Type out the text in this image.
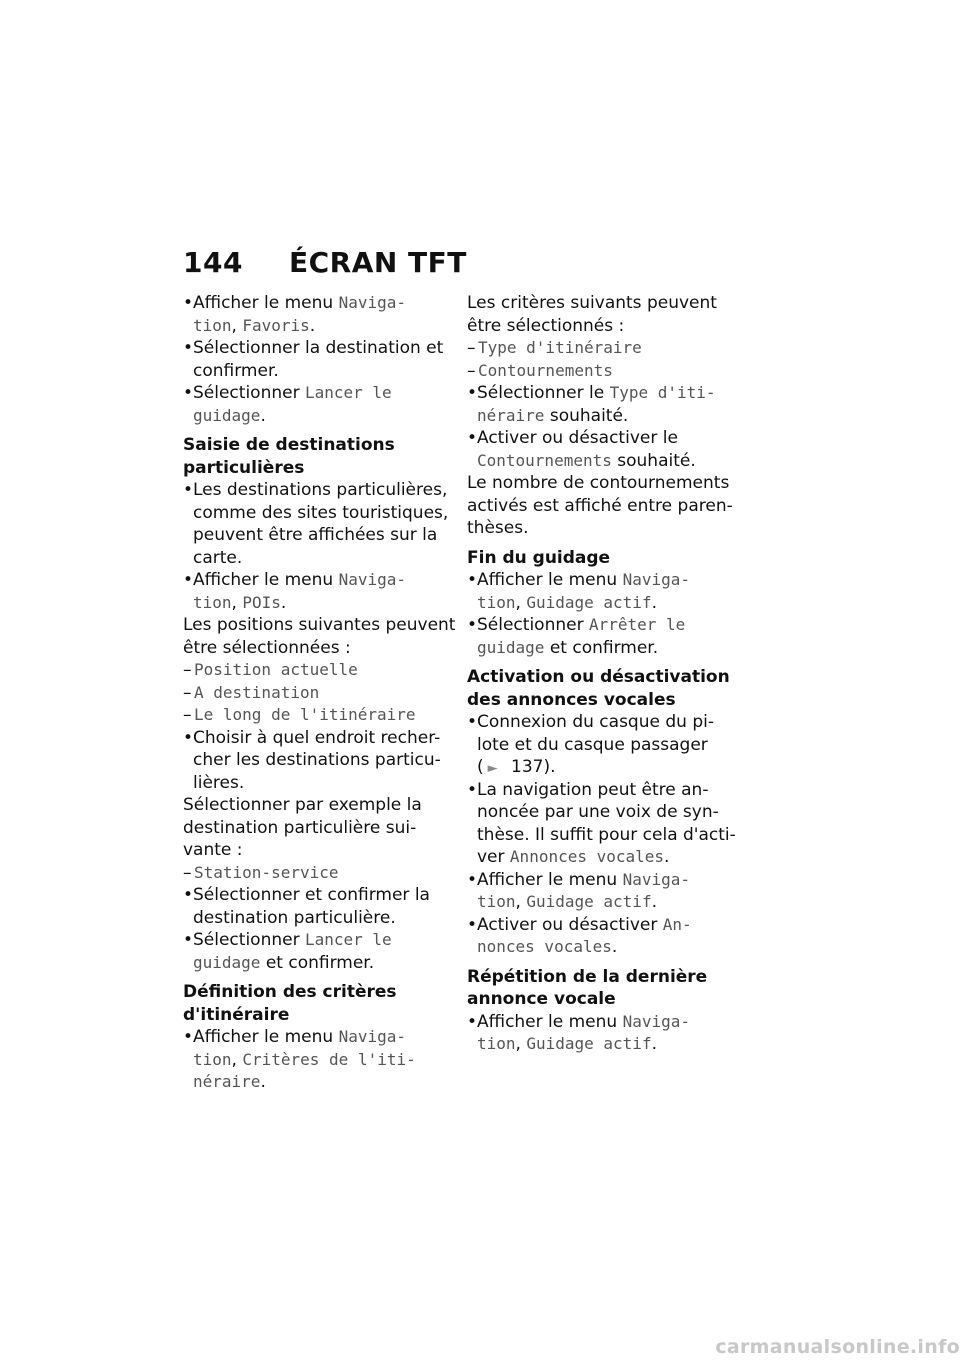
144 ÉCRAN TFT
• Afficher le menu Naviga-
tion, Favoris.
• Sélectionner la destination et
confirmer.
• Sélectionner Lancer le
guidage.
Saisie de destinations
particulières
• Les destinations particulières,
comme des sites touristiques,
peuvent être affichées sur la
carte.
• Afficher le menu Naviga-
tion, POIs.
Les positions suivantes peuvent
être sélectionnées :
– Position actuelle
– A destination
– Le long de l'itinéraire
• Choisir à quel endroit recher-
cher les destinations particu-
lières.
Sélectionner par exemple la
destination particulière sui-
vante :
– Station-service
• Sélectionner et confirmer la
destination particulière.
• Sélectionner Lancer le
guidage et confirmer.
Définition des critères
d'itinéraire
• Afficher le menu Naviga-
tion, Critères de l'iti-
néraire.
Les critères suivants peuvent
être sélectionnés :
– Type d'itinéraire
– Contournements
• Sélectionner le Type d'iti-
néraire souhaité.
• Activer ou désactiver le
Contournements souhaité.
Le nombre de contournements
activés est affiché entre paren-
thèses.
Fin du guidage
• Afficher le menu Naviga-
tion, Guidage actif.
• Sélectionner Arrêter le
guidage et confirmer.
Activation ou désactivation
des annonces vocales
• Connexion du casque du pi-
lote et du casque passager
( ► 137).
• La navigation peut être an-
noncée par une voix de syn-
thèse. Il suffit pour cela d'acti-
ver Annonces vocales.
• Afficher le menu Naviga-
tion, Guidage actif.
• Activer ou désactiver An-
nonces vocales.
Répétition de la dernière
annonce vocale
• Afficher le menu Naviga-
tion, Guidage actif.
carmanualsonline.info
